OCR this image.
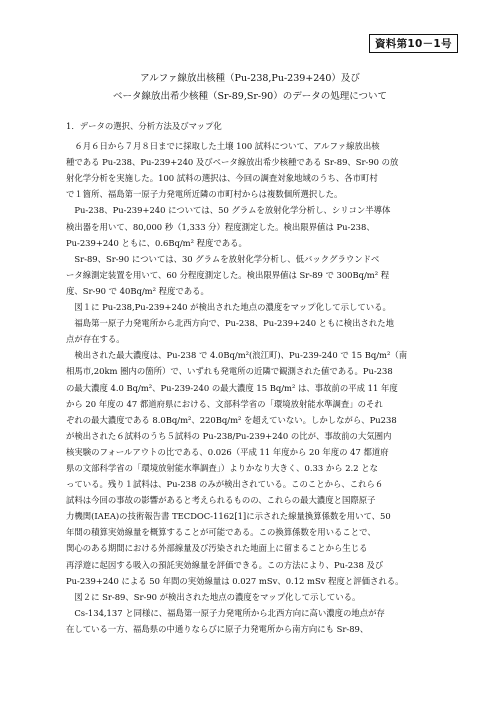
資料第10－1号
アルファ線放出核種（Pu-238,Pu-239+240）及び
ベータ線放出希少核種（Sr-89,Sr-90）のデータの処理について
1．データの選択、分析方法及びマップ化
　６月６日から７月８日までに採取した土壌 100 試料について、アルファ線放出核
種である Pu-238、Pu-239+240 及びベータ線放出希少核種である Sr-89、Sr-90 の放
射化学分析を実施した。100 試料の選択は、今回の調査対象地域のうち、各市町村
で１箇所、福島第一原子力発電所近隣の市町村からは複数個所選択した。
　Pu-238、Pu-239+240 については、50 グラムを放射化学分析し、シリコン半導体
検出器を用いて、80,000 秒（1,333 分）程度測定した。検出限界値は Pu-238、
Pu-239+240 ともに、0.6Bq/m² 程度である。
　Sr-89、Sr-90 については、30 グラムを放射化学分析し、低バックグラウンドベ
ータ線測定装置を用いて、60 分程度測定した。検出限界値は Sr-89 で 300Bq/m² 程
度、Sr-90 で 40Bq/m² 程度である。
　図１に Pu-238,Pu-239+240 が検出された地点の濃度をマップ化して示している。
　福島第一原子力発電所から北西方向で、Pu-238、Pu-239+240 ともに検出された地
点が存在する。
　検出された最大濃度は、Pu-238 で 4.0Bq/m²(浪江町)、Pu-239-240 で 15 Bq/m²（南
相馬市,20km 圏内の箇所）で、いずれも発電所の近隣で観測された値である。Pu-238
の最大濃度 4.0 Bq/m²、Pu-239-240 の最大濃度 15 Bq/m² は、事故前の平成 11 年度
から 20 年度の 47 都道府県における、文部科学省の「環境放射能水準調査」のそれ
ぞれの最大濃度である 8.0Bq/m²、220Bq/m² を超えていない。しかしながら、Pu238
が検出された６試料のうち５試料の Pu-238/Pu-239+240 の比が、事故前の大気圏内
核実験のフォールアウトの比である、0.026（平成 11 年度から 20 年度の 47 都道府
県の文部科学省の「環境放射能水準調査」）よりかなり大きく、0.33 から 2.2 とな
っている。残り１試料は、Pu-238 のみが検出されている。このことから、これら６
試料は今回の事故の影響があると考えられるものの、これらの最大濃度と国際原子
力機関(IAEA)の技術報告書 TECDOC-1162[1]に示された線量換算係数を用いて、50
年間の積算実効線量を概算することが可能である。この換算係数を用いることで、
関心のある期間における外部線量及び汚染された地面上に留まることから生じる
再浮遊に起因する吸入の預託実効線量を評価できる。この方法により、Pu-238 及び
Pu-239+240 による 50 年間の実効線量は 0.027 mSv、0.12 mSv 程度と評価される。
　図２に Sr-89、Sr-90 が検出された地点の濃度をマップ化して示している。
　Cs-134,137 と同様に、福島第一原子力発電所から北西方向に高い濃度の地点が存
在している一方、福島県の中通りならびに原子力発電所から南方向にも Sr-89、
